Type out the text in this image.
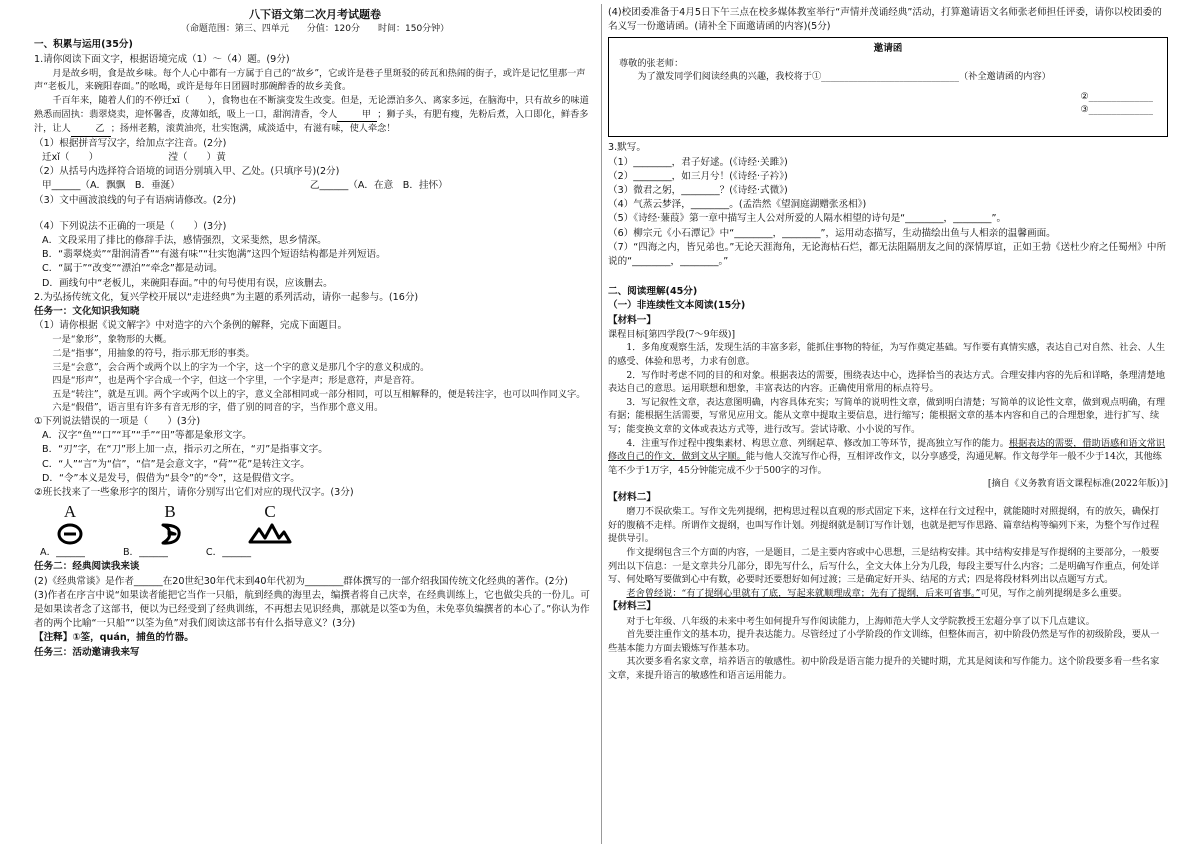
八下语文第二次月考试题卷

（命题范围：第三、四单元　　分值：120分　　时间：150分钟）

一、积累与运用(35分)

1.请你阅读下面文字，根据语境完成（1）～（4）题。(9分)

月是故乡明，食是故乡味。每个人心中都有一方属于自己的“故乡”，它或许是巷子里斑驳的砖瓦和热闹的街子，或许是记忆里那一声声“老板儿，来碗阳春面。”的吆喝，或许是每年日团圆时那碗醉香的故乡美食。

千百年来，随着人们的不停迁xǐ（　　），食物也在不断演变发生改变。但是，无论漂泊多久、离家多远，在脑海中，只有故乡的味道熟悉而固执：翡翠烧卖，迎怀馨香，皮薄如纸，吸上一口，甜润清香，令人	甲 ；狮子头，有肥有瘦，先粉后煮，入口即化，鲜香多汁，让人	乙 ；扬州老鹅，滚黄油亮，壮实饱满，咸淡适中，有滋有味，使人牵念！

（1）根据拼音写汉字，给加点字注音。(2分)

迁xǐ（　　）	滢（　　）黄

（2）从括号内选择符合语境的词语分别填入甲、乙处。(只填序号)(2分)

甲______（A．飘飘　B．垂涎）	乙______（A．在意　B．挂怀）

（3）文中画波浪线的句子有语病请修改。(2分)

（4）下列说法不正确的一项是（　　）(3分)

A．文段采用了排比的修辞手法，感情强烈，文采斐然，思乡情深。

B．“翡翠烧卖”“甜润清香”“有滋有味”“壮实饱满”这四个短语结构都是并列短语。

C．“属于”“改变”“漂泊”“牵念”都是动词。

D．画线句中“老板儿，来碗阳春面。”中的句号使用有误，应该删去。

2.为弘扬传统文化，复兴学校开展以“走进经典”为主题的系列活动，请你一起参与。(16分)

任务一：文化知识我知晓

（1）请你根据《说文解字》中对造字的六个条例的解释，完成下面题目。

一是“象形”，象物形的大概。

二是“指事”，用抽象的符号，指示那无形的事类。

三是“会意”，会合两个或两个以上的字为一个字，这一个字的意义是那几个字的意义积成的。

四是“形声”，也是两个字合成一个字，但这一个字里，一个字是声；形是意符，声是音符。

五是“转注”，就是互训。两个字或两个以上的字，意义全部相同或一部分相同，可以互相解释的，便是转注字，也可以叫作同义字。

六是“假借”，语言里有许多有音无形的字，借了别的同音的字，当作那个意义用。

①下列说法错误的一项是（　　）(3分)

A．汉字“鱼”“口”“耳”“手”“田”等都是象形文字。

B．“刃”字，在“刀”形上加一点，指示刃之所在，“刃”是指事文字。

C．“人”“言”为“信”，“信”是会意文字，“荷”“花”是转注文字。

D．“令”本义是发号，假借为“县令”的“令”，这是假借文字。

②班长找来了一些象形字的图片，请你分别写出它们对应的现代汉字。(3分)

A	B	C
A．______	B．______	C．______

任务二：经典阅读我来谈

(2)《经典常谈》是作者______在20世纪30年代末到40年代初为________群体撰写的一部介绍我国传统文化经典的著作。(2分)

(3)作者在序言中说“如果读者能把它当作一只船，航到经典的海里去，编撰者将自己庆幸，在经典训练上，它也做尖兵的一份儿。可是如果读者念了这部书，便以为已经受到了经典训练，不再想去见识经典，那就是以筌①为鱼，未免辜负编撰者的本心了。”你认为作者的两个比喻“一只船”“以筌为鱼”对我们阅读这部书有什么指导意义？(3分)

【注释】①筌，quán，捕鱼的竹器。

任务三：活动邀请我来写

(4)校团委准备于4月5日下午三点在校多媒体教室举行“声情并茂诵经典”活动，打算邀请语文名师张老师担任评委，请你以校团委的名义写一份邀请函。(请补全下面邀请函的内容)(5分)

邀请函

尊敬的张老师：

为了激发同学们阅读经典的兴趣，我校将于①______________________________（补全邀请函的内容）

②______________

③______________

3.默写。

（1）________，君子好逑。(《诗经·关雎》)

（2）________，如三月兮！(《诗经·子衿》)

（3）微君之躬，________？(《诗经·式微》)

（4）气蒸云梦泽，________。(孟浩然《望洞庭湖赠张丞相》)

（5）《诗经·蒹葭》第一章中描写主人公对所爱的人隔水相望的诗句是“________，________”。

（6）柳宗元《小石潭记》中“________，________”，运用动态描写，生动描绘出鱼与人相亲的温馨画面。

（7）“四海之内，皆兄弟也。”无论天涯海角，无论海枯石烂，都无法阻隔朋友之间的深情厚谊，正如王勃《送杜少府之任蜀州》中所说的“________，________。”

二、阅读理解(45分)

（一）非连续性文本阅读(15分)

【材料一】

课程目标[第四学段(7～9年级)]

1．多角度观察生活，发现生活的丰富多彩，能抓住事物的特征，为写作奠定基础。写作要有真情实感，表达自己对自然、社会、人生的感受、体验和思考，力求有创意。

2．写作时考虑不同的目的和对象。根据表达的需要，围绕表达中心，选择恰当的表达方式。合理安排内容的先后和详略，条理清楚地表达自己的意思。运用联想和想象，丰富表达的内容。正确使用常用的标点符号。

3．写记叙性文章，表达意图明确，内容具体充实；写简单的说明性文章，做到明白清楚；写简单的议论性文章，做到观点明确，有理有据；能根据生活需要，写常见应用文。能从文章中提取主要信息，进行缩写；能根据文章的基本内容和自己的合理想象，进行扩写、续写；能变换文章的文体或表达方式等，进行改写。尝试诗歌、小小说的写作。

4．注重写作过程中搜集素材、构思立意、列纲起草、修改加工等环节，提高独立写作的能力。根据表达的需要，借助语感和语文常识修改自己的作文，做到文从字顺。能与他人交流写作心得，互相评改作文，以分享感受，沟通见解。作文每学年一般不少于14次，其他练笔不少于1万字，45分钟能完成不少于500字的习作。

[摘自《义务教育语文课程标准(2022年版)》]

【材料二】

磨刀不误砍柴工。写作文先列提纲，把构思过程以直观的形式固定下来，这样在行文过程中，就能随时对照提纲，有的放矢，确保打好的腹稿不走样。所谓作文提纲，也叫写作计划。列提纲就是制订写作计划，也就是把写作思路、篇章结构等编列下来，为整个写作过程提供导引。

作文提纲包含三个方面的内容，一是题目，二是主要内容或中心思想，三是结构安排。其中结构安排是写作提纲的主要部分，一般要列出以下信息：一是文章共分几部分，即先写什么，后写什么，全文大体上分为几段，每段主要写什么内容；二是明确写作重点，何处详写、何处略写要做到心中有数，必要时还要想好如何过渡；三是确定好开头、结尾的方式；四是将段材料列出以点题写方式。

老舍曾经说：“有了提纲心里就有了底，写起来就顺理成章；先有了提纲，后来可省事。”可见，写作之前列提纲是多么重要。

【材料三】

对于七年级、八年级的未来中考生如何提升写作阅读能力，上海师范大学人文学院教授王宏超分享了以下几点建议。

首先要注重作文的基本功，提升表达能力。尽管经过了小学阶段的作文训练，但整体而言，初中阶段仍然是写作的初级阶段，要从一些基本能力方面去锻炼写作基本功。

其次要多看名家文章，培养语言的敏感性。初中阶段是语言能力提升的关键时期，尤其是阅读和写作能力。这个阶段要多看一些名家文章，来提升语言的敏感性和语言运用能力。
